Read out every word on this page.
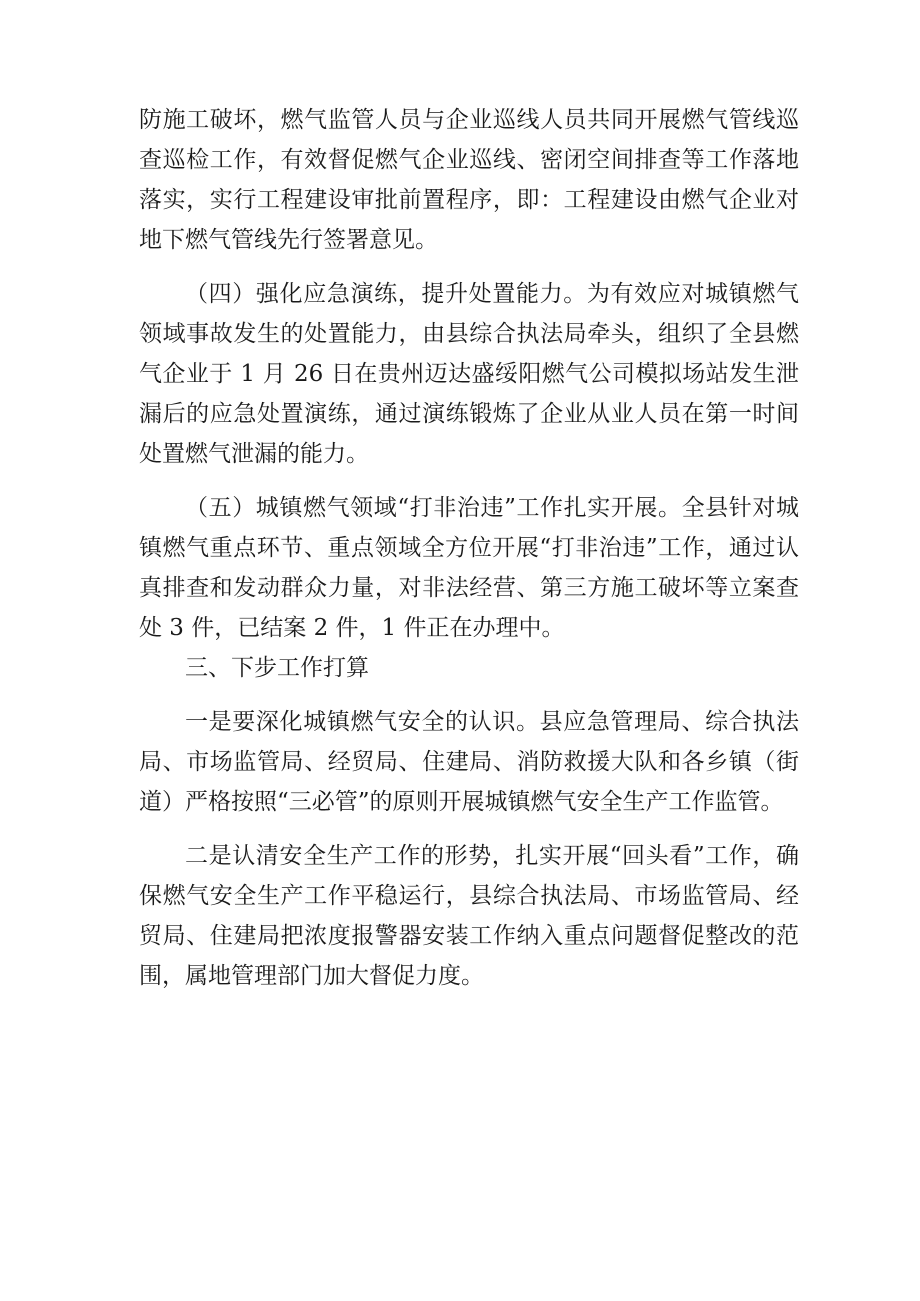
防施工破坏，燃气监管人员与企业巡线人员共同开展燃气管线巡查巡检工作，有效督促燃气企业巡线、密闭空间排查等工作落地落实，实行工程建设审批前置程序，即：工程建设由燃气企业对地下燃气管线先行签署意见。

（四）强化应急演练，提升处置能力。为有效应对城镇燃气领域事故发生的处置能力，由县综合执法局牵头，组织了全县燃气企业于 1 月 26 日在贵州迈达盛绥阳燃气公司模拟场站发生泄漏后的应急处置演练，通过演练锻炼了企业从业人员在第一时间处置燃气泄漏的能力。

（五）城镇燃气领域“打非治违”工作扎实开展。全县针对城镇燃气重点环节、重点领域全方位开展“打非治违”工作，通过认真排查和发动群众力量，对非法经营、第三方施工破坏等立案查处 3 件，已结案 2 件，1 件正在办理中。

三、下步工作打算

一是要深化城镇燃气安全的认识。县应急管理局、综合执法局、市场监管局、经贸局、住建局、消防救援大队和各乡镇（街道）严格按照“三必管”的原则开展城镇燃气安全生产工作监管。

二是认清安全生产工作的形势，扎实开展“回头看”工作，确保燃气安全生产工作平稳运行，县综合执法局、市场监管局、经贸局、住建局把浓度报警器安装工作纳入重点问题督促整改的范围，属地管理部门加大督促力度。
